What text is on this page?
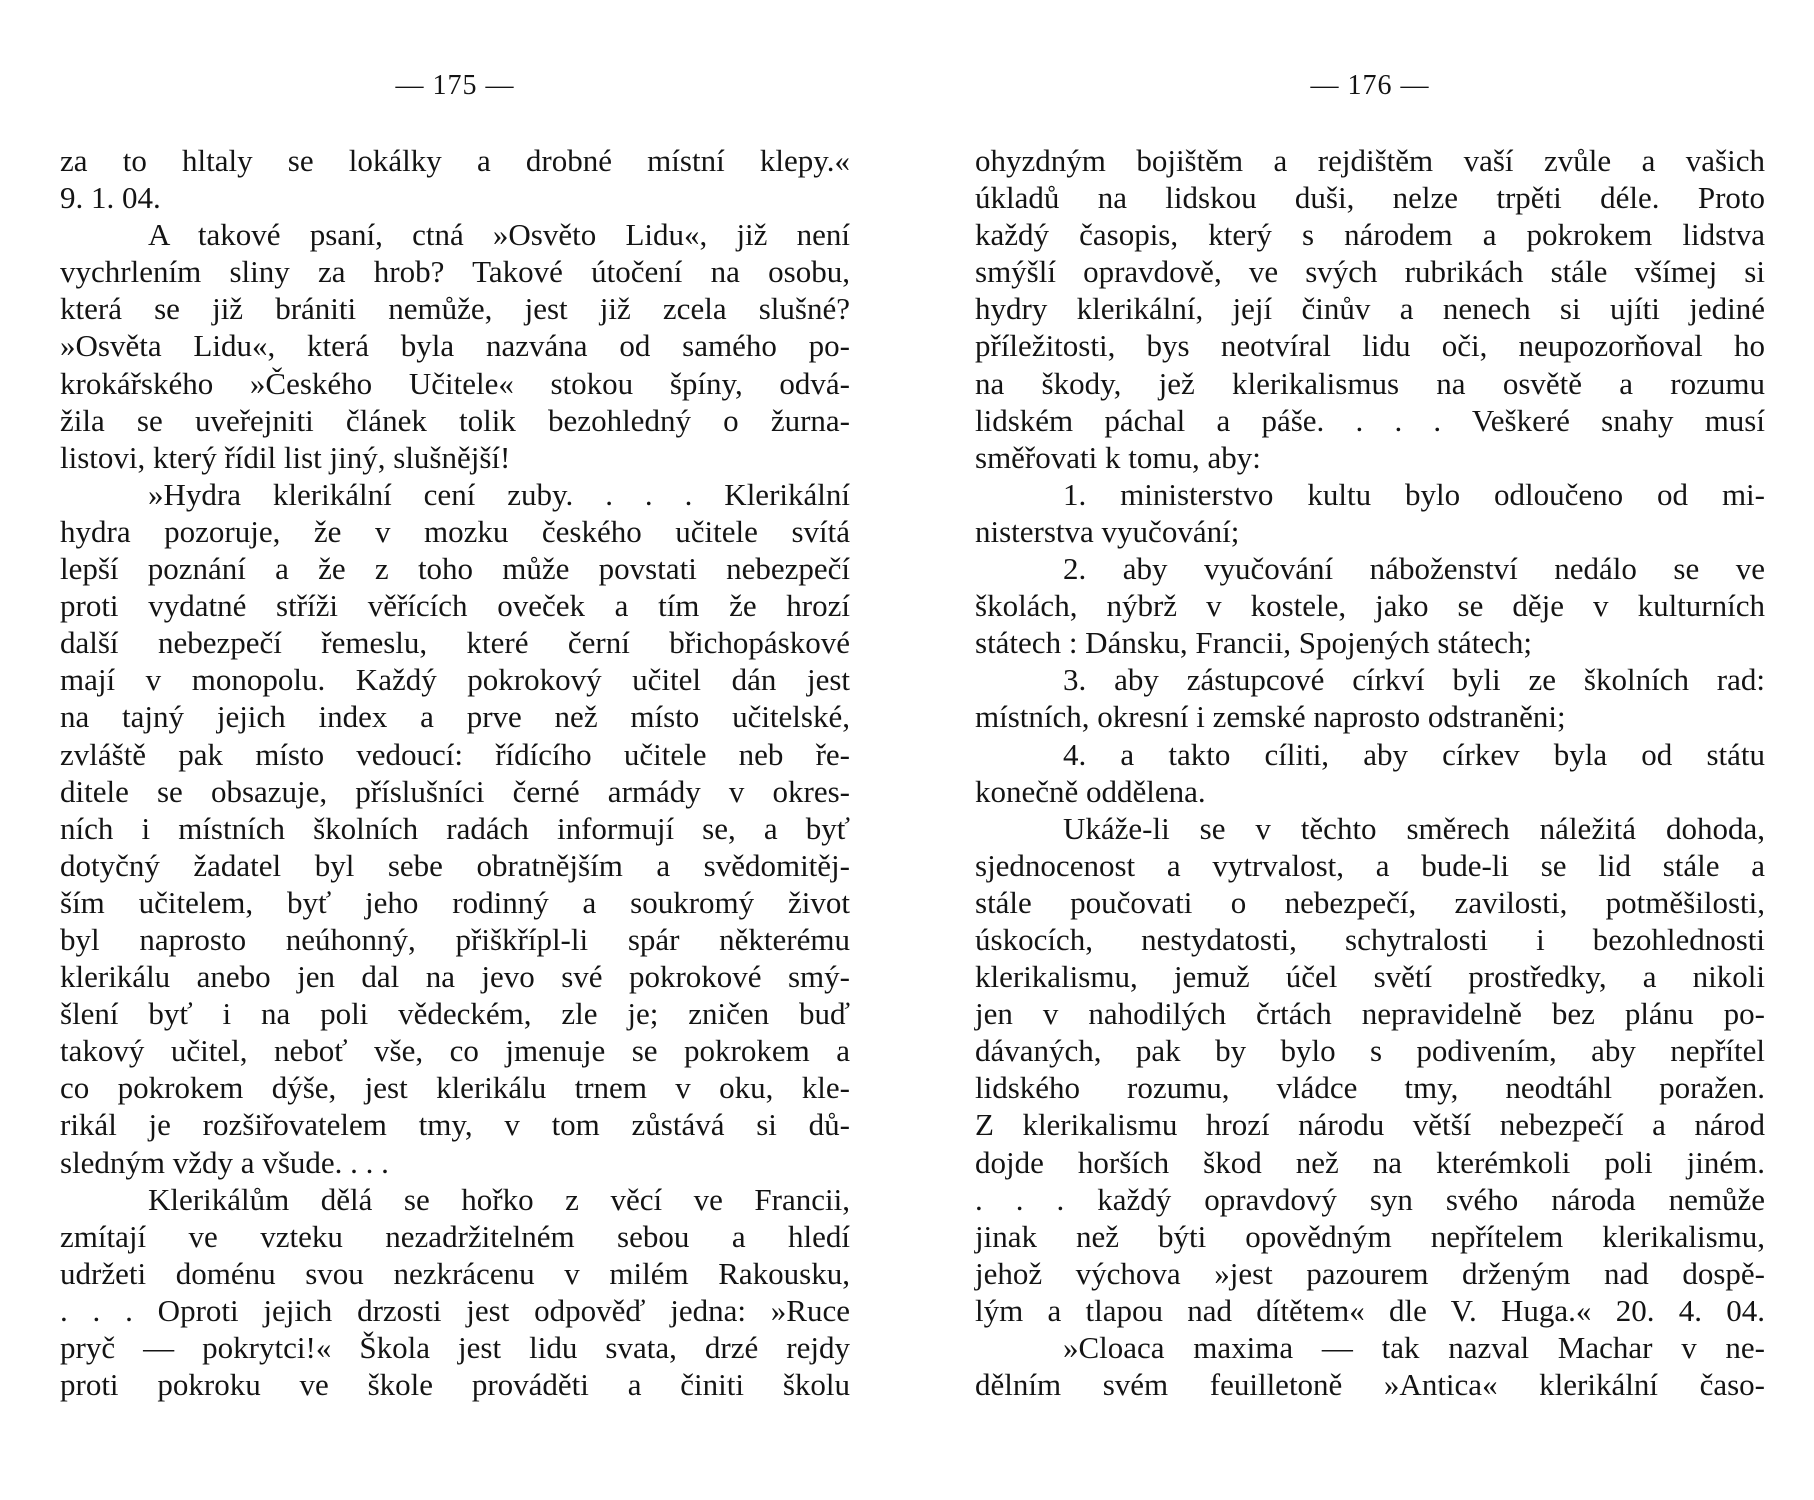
— 175 —
za to hltaly se lokálky a drobné místní klepy.«
9. 1. 04.
A takové psaní, ctná »Osvěto Lidu«, již není
vychrlením sliny za hrob? Takové útočení na osobu,
která se již brániti nemůže, jest již zcela slušné?
»Osvěta Lidu«, která byla nazvána od samého po-
krokářského »Českého Učitele« stokou špíny, odvá-
žila se uveřejniti článek tolik bezohledný o žurna-
listovi, který řídil list jiný, slušnější!
»Hydra klerikální cení zuby. . . . Klerikální
hydra pozoruje, že v mozku českého učitele svítá
lepší poznání a že z toho může povstati nebezpečí
proti vydatné stříži věřících oveček a tím že hrozí
další nebezpečí řemeslu, které černí břichopáskové
mají v monopolu. Každý pokrokový učitel dán jest
na tajný jejich index a prve než místo učitelské,
zvláště pak místo vedoucí: řídícího učitele neb ře-
ditele se obsazuje, příslušníci černé armády v okres-
ních i místních školních radách informují se, a byť
dotyčný žadatel byl sebe obratnějším a svědomitěj-
ším učitelem, byť jeho rodinný a soukromý život
byl naprosto neúhonný, přiškřípl-li spár některému
klerikálu anebo jen dal na jevo své pokrokové smý-
šlení byť i na poli vědeckém, zle je; zničen buď
takový učitel, neboť vše, co jmenuje se pokrokem a
co pokrokem dýše, jest klerikálu trnem v oku, kle-
rikál je rozšiřovatelem tmy, v tom zůstává si dů-
sledným vždy a všude. . . .
Klerikálům dělá se hořko z věcí ve Francii,
zmítají ve vzteku nezadržitelném sebou a hledí
udržeti doménu svou nezkrácenu v milém Rakousku,
. . . Oproti jejich drzosti jest odpověď jedna: »Ruce
pryč — pokrytci!« Škola jest lidu svata, drzé rejdy
proti pokroku ve škole prováděti a činiti školu
— 176 —
ohyzdným bojištěm a rejdištěm vaší zvůle a vašich
úkladů na lidskou duši, nelze trpěti déle. Proto
každý časopis, který s národem a pokrokem lidstva
smýšlí opravdově, ve svých rubrikách stále všímej si
hydry klerikální, její činův a nenech si ujíti jediné
příležitosti, bys neotvíral lidu oči, neupozorňoval ho
na škody, jež klerikalismus na osvětě a rozumu
lidském páchal a páše. . . . Veškeré snahy musí
směřovati k tomu, aby:
1. ministerstvo kultu bylo odloučeno od mi-
nisterstva vyučování;
2. aby vyučování náboženství nedálo se ve
školách, nýbrž v kostele, jako se děje v kulturních
státech : Dánsku, Francii, Spojených státech;
3. aby zástupcové církví byli ze školních rad:
místních, okresní i zemské naprosto odstraněni;
4. a takto cíliti, aby církev byla od státu
konečně oddělena.
Ukáže-li se v těchto směrech náležitá dohoda,
sjednocenost a vytrvalost, a bude-li se lid stále a
stále poučovati o nebezpečí, zavilosti, potměšilosti,
úskocích, nestydatosti, schytralosti i bezohlednosti
klerikalismu, jemuž účel světí prostředky, a nikoli
jen v nahodilých črtách nepravidelně bez plánu po-
dávaných, pak by bylo s podivením, aby nepřítel
lidského rozumu, vládce tmy, neodtáhl poražen.
Z klerikalismu hrozí národu větší nebezpečí a národ
dojde horších škod než na kterémkoli poli jiném.
. . . každý opravdový syn svého národa nemůže
jinak než býti opovědným nepřítelem klerikalismu,
jehož výchova »jest pazourem drženým nad dospě-
lým a tlapou nad dítětem« dle V. Huga.« 20. 4. 04.
»Cloaca maxima — tak nazval Machar v ne-
dělním svém feuilletoně »Antica« klerikální časo-
